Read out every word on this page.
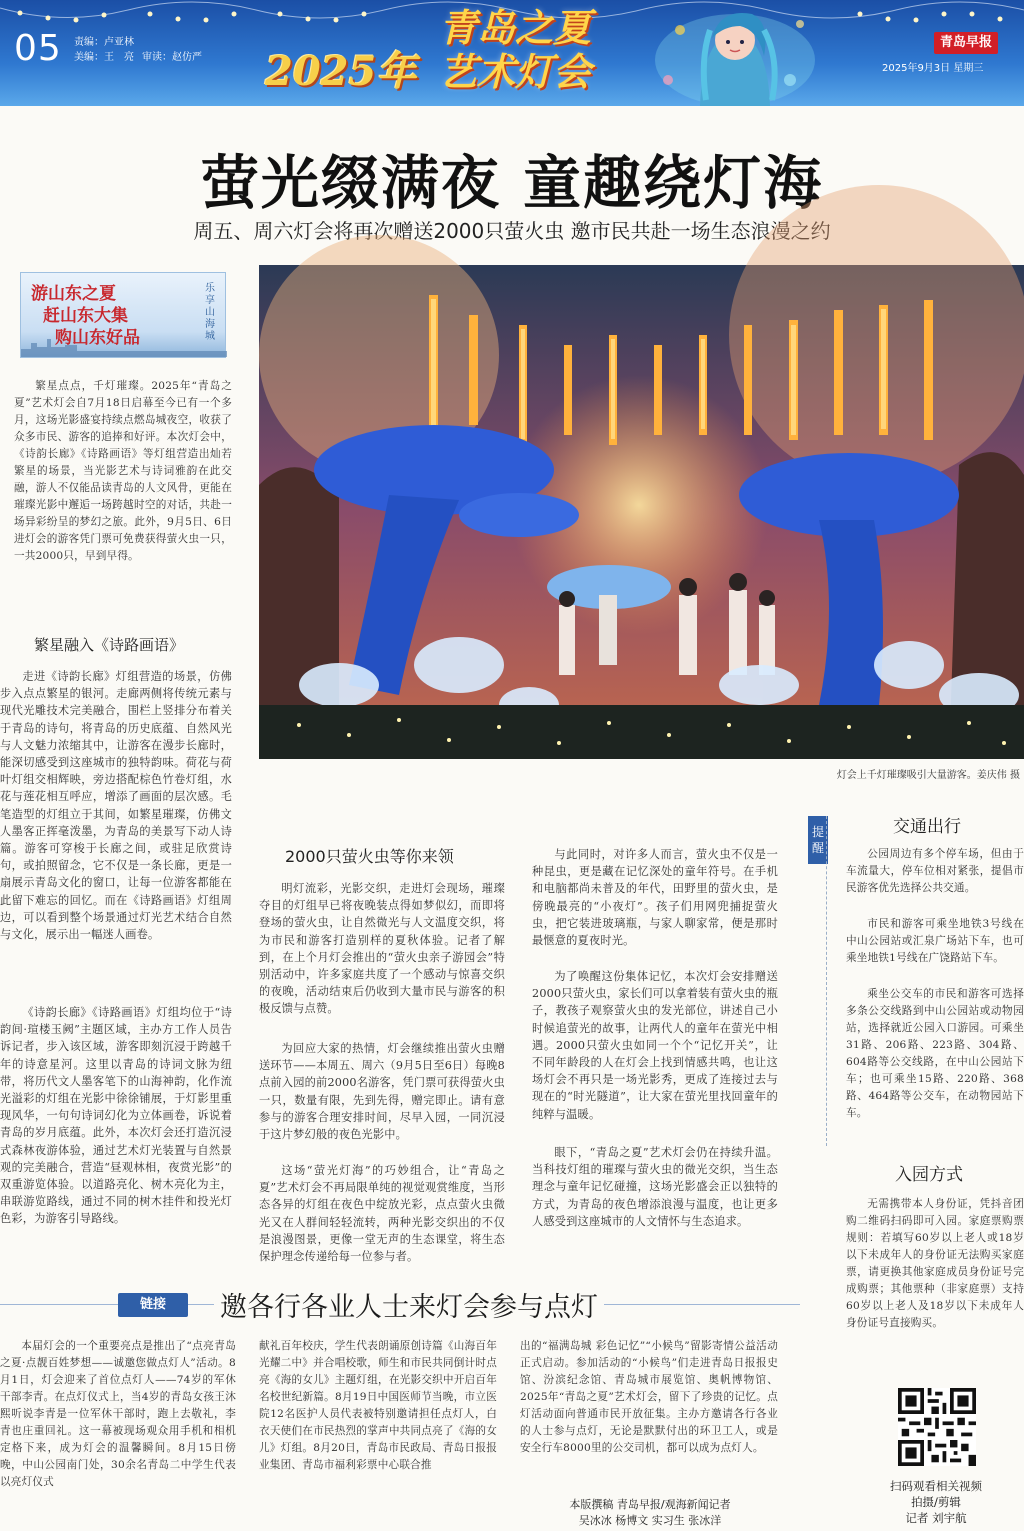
05 责编：卢亚林
美编：王　亮 审读：赵仿严 2025年
青岛之夏
艺术灯会
青岛早报
2025年9月3日 星期三
萤光缀满夜 童趣绕灯海
周五、周六灯会将再次赠送2000只萤火虫 邀市民共赴一场生态浪漫之约
游山东之夏
赶山东大集
购山东好品
乐享山海城

繁星点点，千灯璀璨。2025年“青岛之夏”艺术灯会自7月18日启幕至今已有一个多月，这场光影盛宴持续点燃岛城夜空，收获了众多市民、游客的追捧和好评。本次灯会中，《诗韵长廊》《诗路画语》等灯组营造出灿若繁星的场景，当光影艺术与诗词雅韵在此交融，游人不仅能品读青岛的人文风骨，更能在璀璨光影中邂逅一场跨越时空的对话，共赴一场异彩纷呈的梦幻之旅。此外，9月5日、6日进灯会的游客凭门票可免费获得萤火虫一只，一共2000只，早到早得。

繁星融入《诗路画语》

走进《诗韵长廊》灯组营造的场景，仿佛步入点点繁星的银河。走廊两侧将传统元素与现代光雕技术完美融合，围栏上竖排分布着关于青岛的诗句，将青岛的历史底蕴、自然风光与人文魅力浓缩其中，让游客在漫步长廊时，能深切感受到这座城市的独特韵味。荷花与荷叶灯组交相辉映，旁边搭配棕色竹卷灯组，水花与莲花相互呼应，增添了画面的层次感。毛笔造型的灯组立于其间，如繁星璀璨，仿佛文人墨客正挥毫泼墨，为青岛的美景写下动人诗篇。游客可穿梭于长廊之间，或驻足欣赏诗句，或拍照留念，它不仅是一条长廊，更是一扇展示青岛文化的窗口，让每一位游客都能在此留下难忘的回忆。而在《诗路画语》灯组周边，可以看到整个场景通过灯光艺术结合自然与文化，展示出一幅迷人画卷。

《诗韵长廊》《诗路画语》灯组均位于“诗韵间·瑄楼玉阙”主题区域，主办方工作人员告诉记者，步入该区域，游客即刻沉浸于跨越千年的诗意星河。这里以青岛的诗词文脉为纽带，将历代文人墨客笔下的山海神韵，化作流光溢彩的灯组在光影中徐徐铺展，于灯影里重现风华，一句句诗词幻化为立体画卷，诉说着青岛的岁月底蕴。此外，本次灯会还打造沉浸式森林夜游体验，通过艺术灯光装置与自然景观的完美融合，营造“昼观林相，夜赏光影”的双重游览体验。以道路亮化、树木亮化为主，串联游览路线，通过不同的树木挂件和投光灯色彩，为游客引导路线。

灯会上千灯璀璨吸引大量游客。姜庆伟 摄
2000只萤火虫等你来领

明灯流彩，光影交织，走进灯会现场，璀璨夺目的灯组早已将夜晚装点得如梦似幻，而即将登场的萤火虫，让自然微光与人文温度交织，将为市民和游客打造别样的夏秋体验。记者了解到，在上个月灯会推出的“萤火虫亲子游园会”特别活动中，许多家庭共度了一个感动与惊喜交织的夜晚，活动结束后仍收到大量市民与游客的积极反馈与点赞。

为回应大家的热情，灯会继续推出萤火虫赠送环节——本周五、周六（9月5日至6日）每晚8点前入园的前2000名游客，凭门票可获得萤火虫一只，数量有限，先到先得，赠完即止。请有意参与的游客合理安排时间，尽早入园，一同沉浸于这片梦幻般的夜色光影中。

这场“萤光灯海”的巧妙组合，让“青岛之夏”艺术灯会不再局限单纯的视觉观赏维度，当形态各异的灯组在夜色中绽放光彩，点点萤火虫微光又在人群间轻轻流转，两种光影交织出的不仅是浪漫图景，更像一堂无声的生态课堂，将生态保护理念传递给每一位参与者。

与此同时，对许多人而言，萤火虫不仅是一种昆虫，更是藏在记忆深处的童年符号。在手机和电脑都尚未普及的年代，田野里的萤火虫，是傍晚最亮的“小夜灯”。孩子们用网兜捕捉萤火虫，把它装进玻璃瓶，与家人聊家常，便是那时最惬意的夏夜时光。

为了唤醒这份集体记忆，本次灯会安排赠送2000只萤火虫，家长们可以拿着装有萤火虫的瓶子，教孩子观察萤火虫的发光部位，讲述自己小时候追萤光的故事，让两代人的童年在萤光中相遇。2000只萤火虫如同一个个“记忆开关”，让不同年龄段的人在灯会上找到情感共鸣，也让这场灯会不再只是一场光影秀，更成了连接过去与现在的“时光隧道”，让大家在萤光里找回童年的纯粹与温暖。

眼下，“青岛之夏”艺术灯会仍在持续升温。当科技灯组的璀璨与萤火虫的微光交织，当生态理念与童年记忆碰撞，这场光影盛会正以独特的方式，为青岛的夜色增添浪漫与温度，也让更多人感受到这座城市的人文情怀与生态追求。

提醒
交通出行

公园周边有多个停车场，但由于车流量大，停车位相对紧张，提倡市民游客优先选择公共交通。

市民和游客可乘坐地铁3号线在中山公园站或汇泉广场站下车，也可乘坐地铁1号线在广饶路站下车。

乘坐公交车的市民和游客可选择多条公交线路到中山公园站或动物园站，选择就近公园入口游园。可乘坐31路、206路、223路、304路、604路等公交线路，在中山公园站下车；也可乘坐15路、220路、368路、464路等公交车，在动物园站下车。

入园方式

无需携带本人身份证，凭抖音团购二维码扫码即可入园。家庭票购票规则：若填写60岁以上老人或18岁以下未成年人的身份证无法购买家庭票，请更换其他家庭成员身份证号完成购票；其他票种（非家庭票）支持60岁以上老人及18岁以下未成年人身份证号直接购买。

扫码观看相关视频
拍摄/剪辑
记者 刘宇航
链接	邀各行各业人士来灯会参与点灯

本届灯会的一个重要亮点是推出了“点亮青岛之夏·点靓百姓梦想——诚邀您做点灯人”活动。8月1日，灯会迎来了首位点灯人——74岁的军休干部李青。在点灯仪式上，当4岁的青岛女孩王沐熙听说李青是一位军休干部时，跑上去敬礼，李青也庄重回礼。这一幕被现场观众用手机和相机定格下来，成为灯会的温馨瞬间。8月15日傍晚，中山公园南门处，30余名青岛二中学生代表以亮灯仪式

献礼百年校庆，学生代表朗诵原创诗篇《山海百年 光耀二中》并合唱校歌，师生和市民共同倒计时点亮《海的女儿》主题灯组，在光影交织中开启百年名校世纪新篇。8月19日中国医师节当晚，市立医院12名医护人员代表被特别邀请担任点灯人，白衣天使们在市民热烈的掌声中共同点亮了《海的女儿》灯组。8月20日，青岛市民政局、青岛日报报业集团、青岛市福利彩票中心联合推

出的“福满岛城 彩色记忆”“小候鸟”留影寄情公益活动正式启动。参加活动的“小候鸟”们走进青岛日报报史馆、汾滨纪念馆、青岛城市展览馆、奥帆博物馆、2025年“青岛之夏”艺术灯会，留下了珍贵的记忆。点灯活动面向普通市民开放征集。主办方邀请各行各业的人士参与点灯，无论是默默付出的环卫工人，或是安全行车8000里的公交司机，都可以成为点灯人。

本版撰稿 青岛早报/观海新闻记者
吴冰冰 杨博文 实习生 张冰洋
